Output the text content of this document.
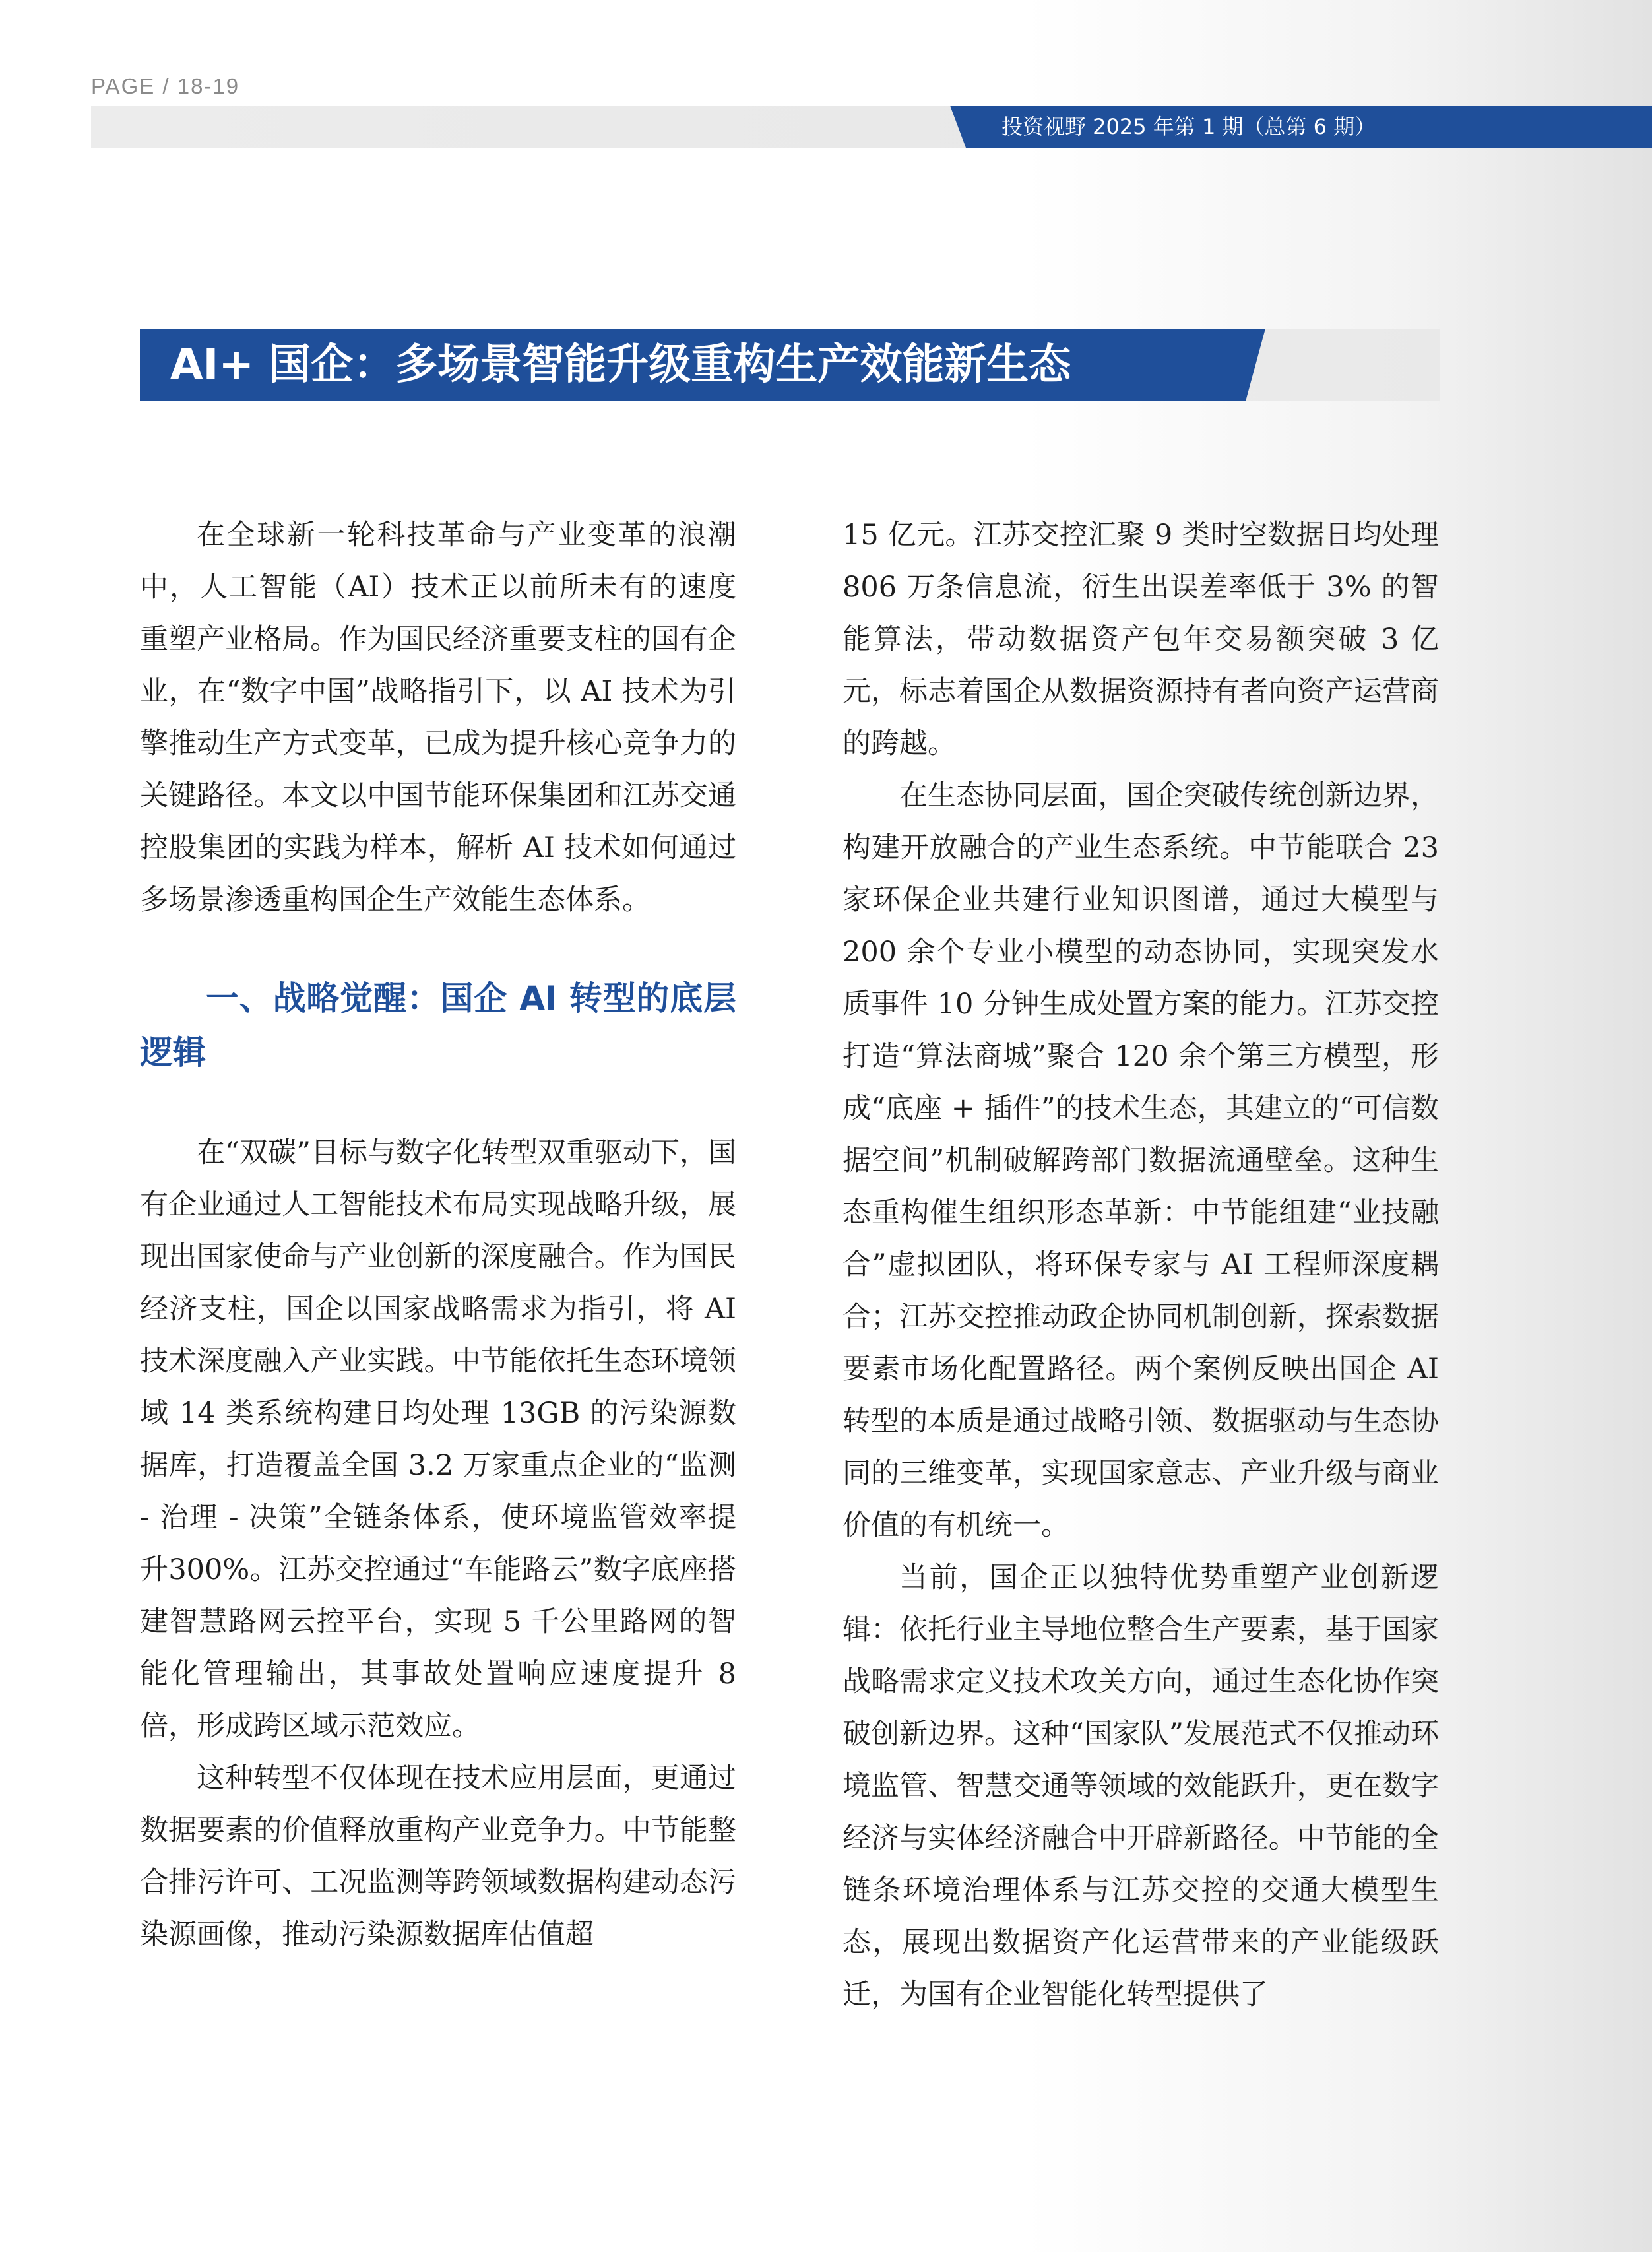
PAGE / 18-19
投资视野 2025 年第 1 期（总第 6 期）
AI+ 国企：多场景智能升级重构生产效能新生态

在全球新一轮科技革命与产业变革的浪潮中，人工智能（AI）技术正以前所未有的速度重塑产业格局。作为国民经济重要支柱的国有企业，在“数字中国”战略指引下，以 AI 技术为引擎推动生产方式变革，已成为提升核心竞争力的关键路径。本文以中国节能环保集团和江苏交通控股集团的实践为样本，解析 AI 技术如何通过多场景渗透重构国企生产效能生态体系。

一、战略觉醒：国企 AI 转型的底层逻辑

在“双碳”目标与数字化转型双重驱动下，国有企业通过人工智能技术布局实现战略升级，展现出国家使命与产业创新的深度融合。作为国民经济支柱，国企以国家战略需求为指引，将 AI 技术深度融入产业实践。中节能依托生态环境领域 14 类系统构建日均处理 13GB 的污染源数据库，打造覆盖全国 3.2 万家重点企业的“监测 - 治理 - 决策”全链条体系，使环境监管效率提升300%。江苏交控通过“车能路云”数字底座搭建智慧路网云控平台，实现 5 千公里路网的智能化管理输出，其事故处置响应速度提升 8 倍，形成跨区域示范效应。

这种转型不仅体现在技术应用层面，更通过数据要素的价值释放重构产业竞争力。中节能整合排污许可、工况监测等跨领域数据构建动态污染源画像，推动污染源数据库估值超

15 亿元。江苏交控汇聚 9 类时空数据日均处理 806 万条信息流，衍生出误差率低于 3% 的智能算法，带动数据资产包年交易额突破 3 亿元，标志着国企从数据资源持有者向资产运营商的跨越。

在生态协同层面，国企突破传统创新边界，构建开放融合的产业生态系统。中节能联合 23 家环保企业共建行业知识图谱，通过大模型与 200 余个专业小模型的动态协同，实现突发水质事件 10 分钟生成处置方案的能力。江苏交控打造“算法商城”聚合 120 余个第三方模型，形成“底座 + 插件”的技术生态，其建立的“可信数据空间”机制破解跨部门数据流通壁垒。这种生态重构催生组织形态革新：中节能组建“业技融合”虚拟团队，将环保专家与 AI 工程师深度耦合；江苏交控推动政企协同机制创新，探索数据要素市场化配置路径。两个案例反映出国企 AI 转型的本质是通过战略引领、数据驱动与生态协同的三维变革，实现国家意志、产业升级与商业价值的有机统一。

当前，国企正以独特优势重塑产业创新逻辑：依托行业主导地位整合生产要素，基于国家战略需求定义技术攻关方向，通过生态化协作突破创新边界。这种“国家队”发展范式不仅推动环境监管、智慧交通等领域的效能跃升，更在数字经济与实体经济融合中开辟新路径。中节能的全链条环境治理体系与江苏交控的交通大模型生态，展现出数据资产化运营带来的产业能级跃迁，为国有企业智能化转型提供了
